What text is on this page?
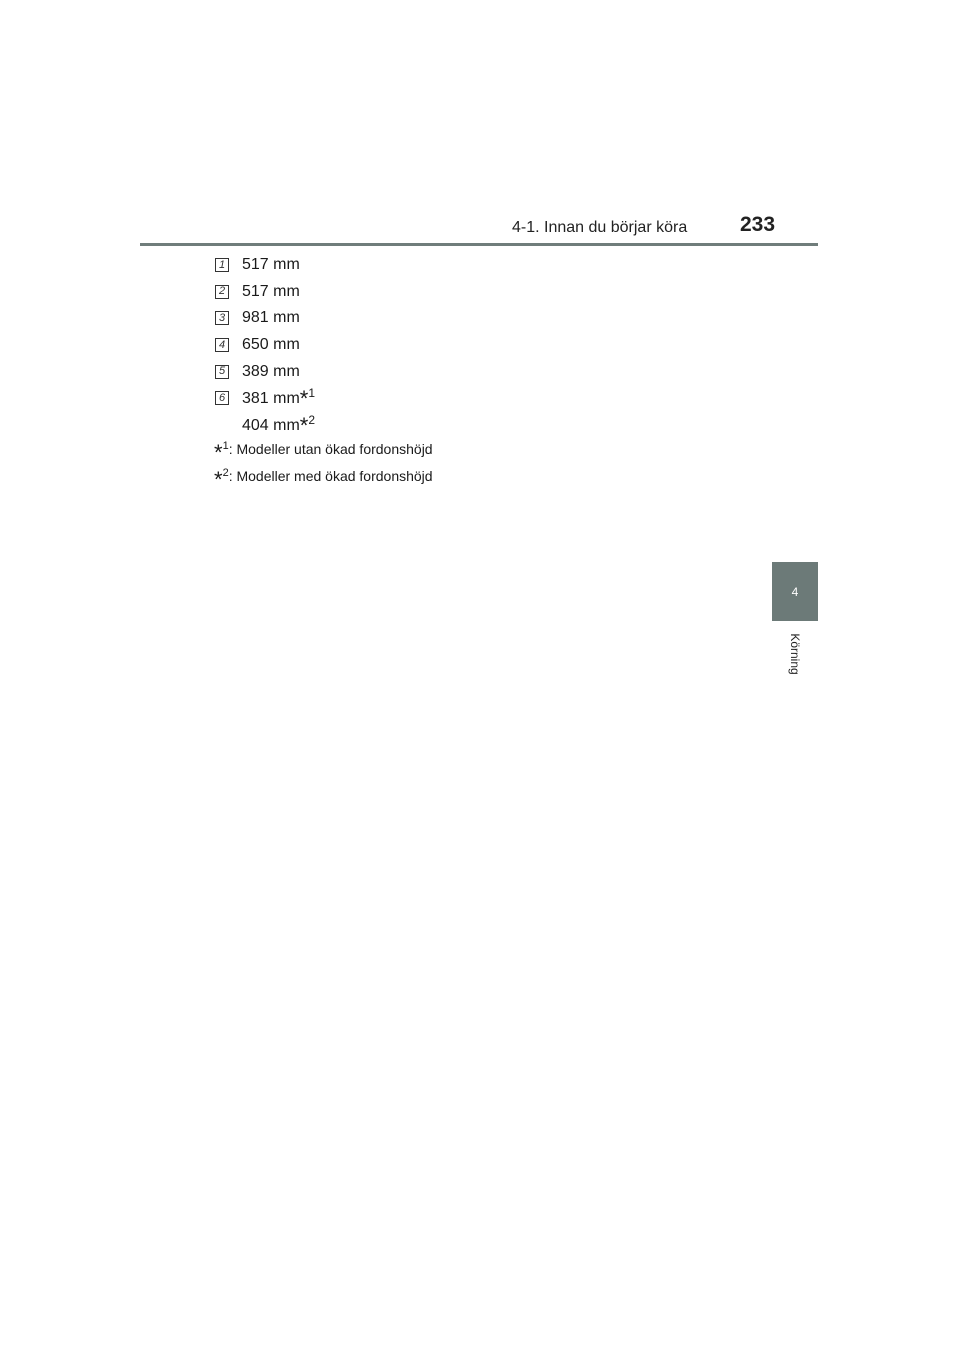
4-1. Innan du börjar köra	233
1 517 mm
2 517 mm
3 981 mm
4 650 mm
5 389 mm
6 381 mm*$^1$
404 mm*$^2$
*$^1$: Modeller utan ökad fordonshöjd
*$^2$: Modeller med ökad fordonshöjd
4
Körning
